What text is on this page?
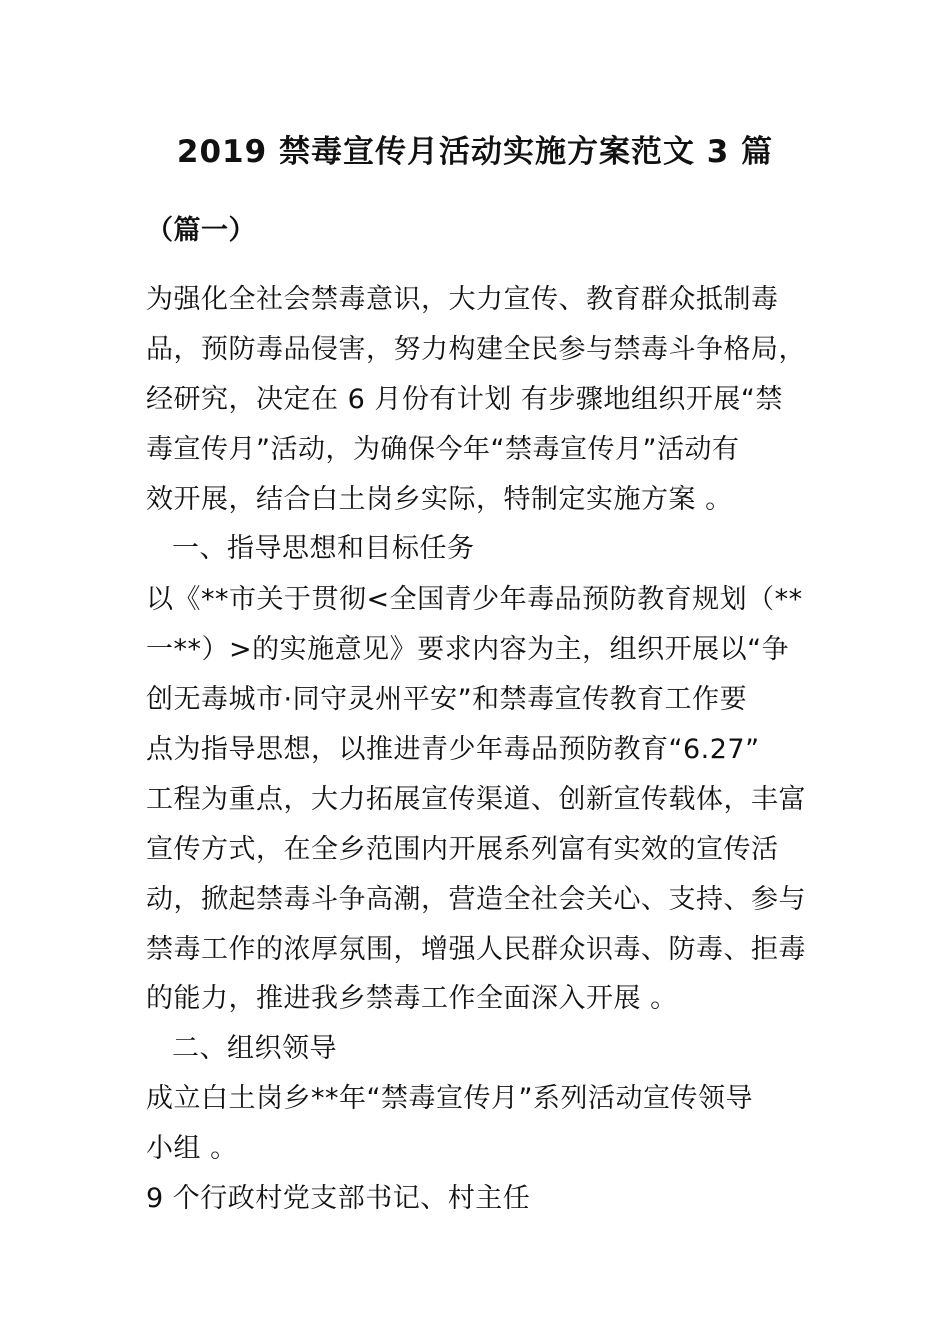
2019 禁毒宣传月活动实施方案范文 3 篇
（篇一）
为强化全社会禁毒意识，大力宣传、教育群众抵制毒
品，预防毒品侵害，努力构建全民参与禁毒斗争格局，
经研究，决定在 6 月份有计划 有步骤地组织开展“禁
毒宣传月”活动，为确保今年“禁毒宣传月”活动有
效开展，结合白土岗乡实际，特制定实施方案 。
一、指导思想和目标任务
以《**市关于贯彻<全国青少年毒品预防教育规划（**
一**）>的实施意见》要求内容为主，组织开展以“争
创无毒城市·同守灵州平安”和禁毒宣传教育工作要
点为指导思想，以推进青少年毒品预防教育“6.27”
工程为重点，大力拓展宣传渠道、创新宣传载体，丰富
宣传方式，在全乡范围内开展系列富有实效的宣传活
动，掀起禁毒斗争高潮，营造全社会关心、支持、参与
禁毒工作的浓厚氛围，增强人民群众识毒、防毒、拒毒
的能力，推进我乡禁毒工作全面深入开展 。
二、组织领导
成立白土岗乡**年“禁毒宣传月”系列活动宣传领导
小组 。
9 个行政村党支部书记、村主任
